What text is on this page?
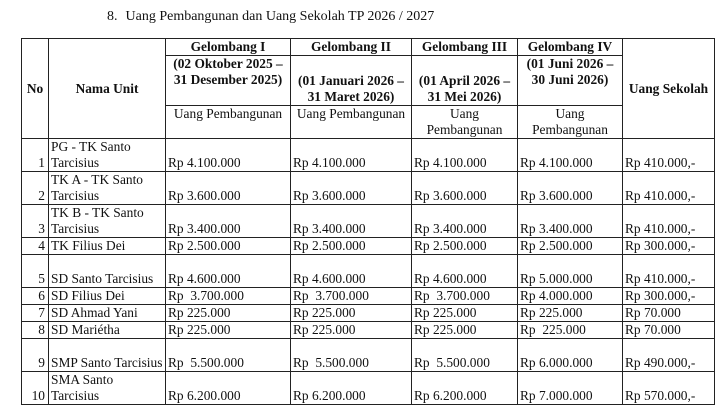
8. Uang Pembangunan dan Uang Sekolah TP 2026 / 2027
No	Nama Unit	Gelombang I	Gelombang II	Gelombang III	Gelombang IV	Uang Sekolah
		(02 Oktober 2025 – 31 Desember 2025)	(01 Januari 2026 – 31 Maret 2026)	(01 April 2026 – 31 Mei 2026)	(01 Juni 2026 – 30 Juni 2026)	
		Uang Pembangunan	Uang Pembangunan	Uang Pembangunan	Uang Pembangunan	
1	PG - TK Santo Tarcisius	Rp 4.100.000	Rp 4.100.000	Rp 4.100.000	Rp 4.100.000	Rp 410.000,-
2	TK A - TK Santo Tarcisius	Rp 3.600.000	Rp 3.600.000	Rp 3.600.000	Rp 3.600.000	Rp 410.000,-
3	TK B - TK Santo Tarcisius	Rp 3.400.000	Rp 3.400.000	Rp 3.400.000	Rp 3.400.000	Rp 410.000,-
4	TK Filius Dei	Rp 2.500.000	Rp 2.500.000	Rp 2.500.000	Rp 2.500.000	Rp 300.000,-
5	SD Santo Tarcisius	Rp 4.600.000	Rp 4.600.000	Rp 4.600.000	Rp 5.000.000	Rp 410.000,-
6	SD Filius Dei	Rp  3.700.000	Rp  3.700.000	Rp  3.700.000	Rp 4.000.000	Rp 300.000,-
7	SD Ahmad Yani	Rp 225.000	Rp 225.000	Rp 225.000	Rp 225.000	Rp 70.000
8	SD Mariétha	Rp 225.000	Rp 225.000	Rp 225.000	Rp  225.000	Rp 70.000
9	SMP Santo Tarcisius	Rp  5.500.000	Rp  5.500.000	Rp  5.500.000	Rp 6.000.000	Rp 490.000,-
10	SMA Santo Tarcisius	Rp 6.200.000	Rp 6.200.000	Rp 6.200.000	Rp 7.000.000	Rp 570.000,-
